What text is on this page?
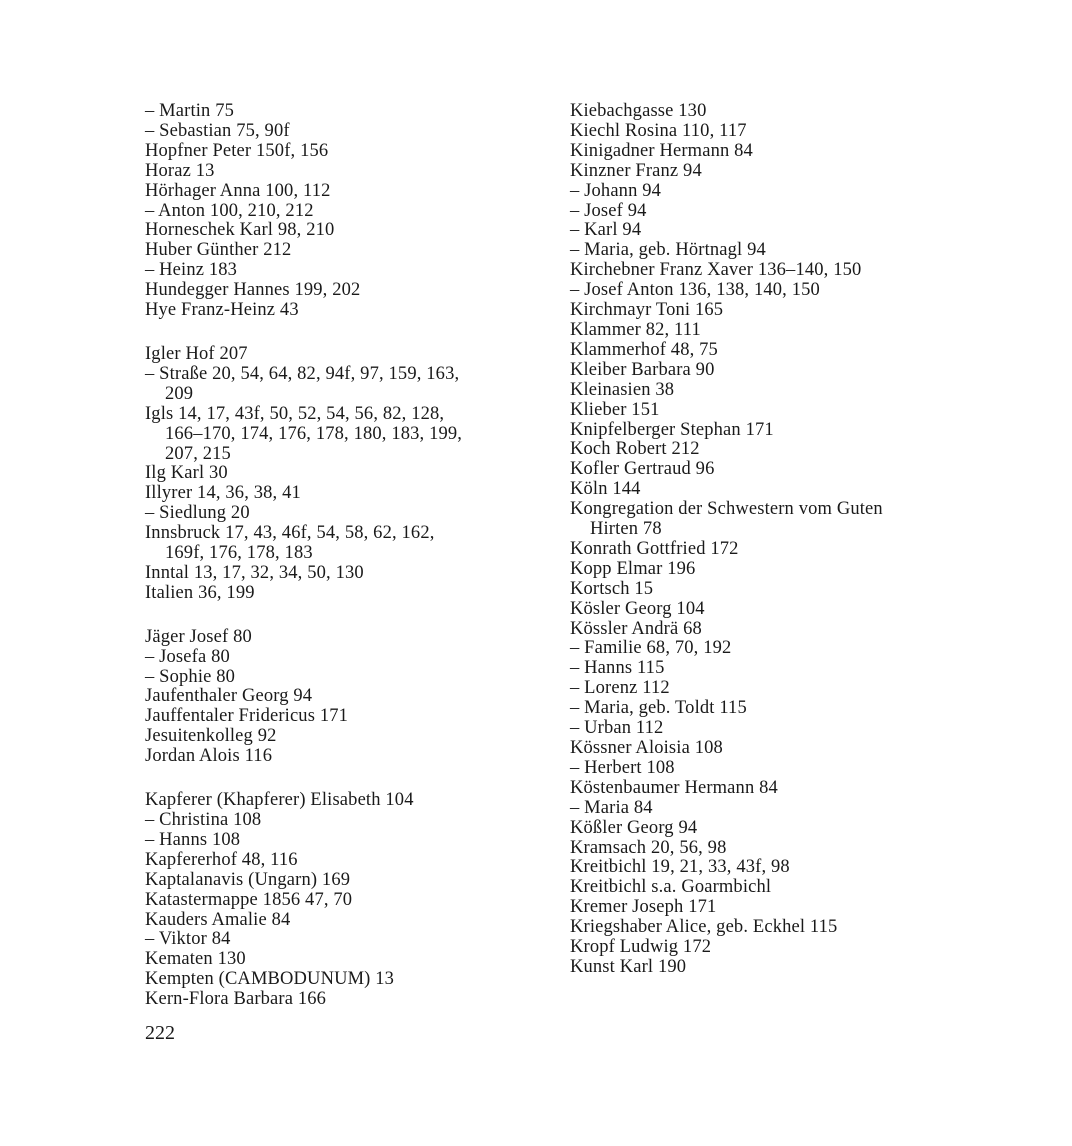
– Martin 75
– Sebastian 75, 90f
Hopfner Peter 150f, 156
Horaz 13
Hörhager Anna 100, 112
– Anton 100, 210, 212
Horneschek Karl 98, 210
Huber Günther 212
– Heinz 183
Hundegger Hannes 199, 202
Hye Franz-Heinz 43
Igler Hof 207
– Straße 20, 54, 64, 82, 94f, 97, 159, 163,
209
Igls 14, 17, 43f, 50, 52, 54, 56, 82, 128,
166–170, 174, 176, 178, 180, 183, 199,
207, 215
Ilg Karl 30
Illyrer 14, 36, 38, 41
– Siedlung 20
Innsbruck 17, 43, 46f, 54, 58, 62, 162,
169f, 176, 178, 183
Inntal 13, 17, 32, 34, 50, 130
Italien 36, 199
Jäger Josef 80
– Josefa 80
– Sophie 80
Jaufenthaler Georg 94
Jauffentaler Fridericus 171
Jesuitenkolleg 92
Jordan Alois 116
Kapferer (Khapferer) Elisabeth 104
– Christina 108
– Hanns 108
Kapfererhof 48, 116
Kaptalanavis (Ungarn) 169
Katastermappe 1856 47, 70
Kauders Amalie 84
– Viktor 84
Kematen 130
Kempten (CAMBODUNUM) 13
Kern-Flora Barbara 166
Kiebachgasse 130
Kiechl Rosina 110, 117
Kinigadner Hermann 84
Kinzner Franz 94
– Johann 94
– Josef 94
– Karl 94
– Maria, geb. Hörtnagl 94
Kirchebner Franz Xaver 136–140, 150
– Josef Anton 136, 138, 140, 150
Kirchmayr Toni 165
Klammer 82, 111
Klammerhof 48, 75
Kleiber Barbara 90
Kleinasien 38
Klieber 151
Knipfelberger Stephan 171
Koch Robert 212
Kofler Gertraud 96
Köln 144
Kongregation der Schwestern vom Guten
Hirten 78
Konrath Gottfried 172
Kopp Elmar 196
Kortsch 15
Kösler Georg 104
Kössler Andrä 68
– Familie 68, 70, 192
– Hanns 115
– Lorenz 112
– Maria, geb. Toldt 115
– Urban 112
Kössner Aloisia 108
– Herbert 108
Köstenbaumer Hermann 84
– Maria 84
Kößler Georg 94
Kramsach 20, 56, 98
Kreitbichl 19, 21, 33, 43f, 98
Kreitbichl s.a. Goarmbichl
Kremer Joseph 171
Kriegshaber Alice, geb. Eckhel 115
Kropf Ludwig 172
Kunst Karl 190
222
